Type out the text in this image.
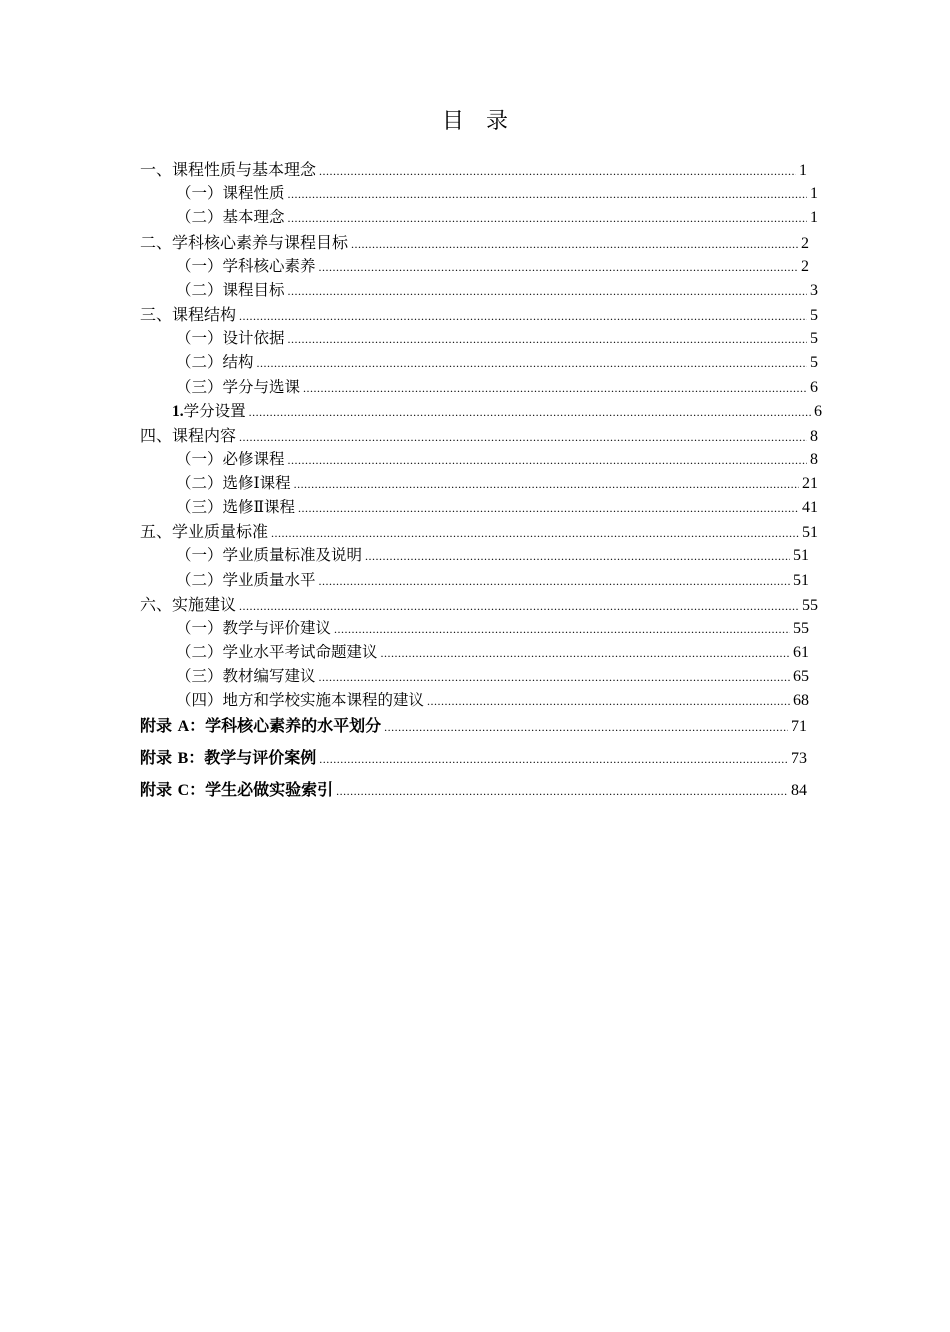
目录
一、课程性质与基本理念 .....	1
（一）课程性质 .....	1
（二）基本理念 .....	1
二、学科核心素养与课程目标 .....	2
（一）学科核心素养 .....	2
（二）课程目标 .....	3
三、课程结构 .....	5
（一）设计依据 .....	5
（二）结构 .....	5
（三）学分与选课 .....	6
1.学分设置 .....	6
四、课程内容 .....	8
（一）必修课程 .....	8
（二）选修Ⅰ课程 .....	21
（三）选修Ⅱ课程 .....	41
五、学业质量标准 .....	51
（一）学业质量标准及说明 .....	51
（二）学业质量水平 .....	51
六、实施建议 .....	55
（一）教学与评价建议 .....	55
（二）学业水平考试命题建议 .....	61
（三）教材编写建议 .....	65
（四）地方和学校实施本课程的建议 .....	68
附录 A：学科核心素养的水平划分 .....	71
附录 B：教学与评价案例 .....	73
附录 C：学生必做实验索引 .....	84
